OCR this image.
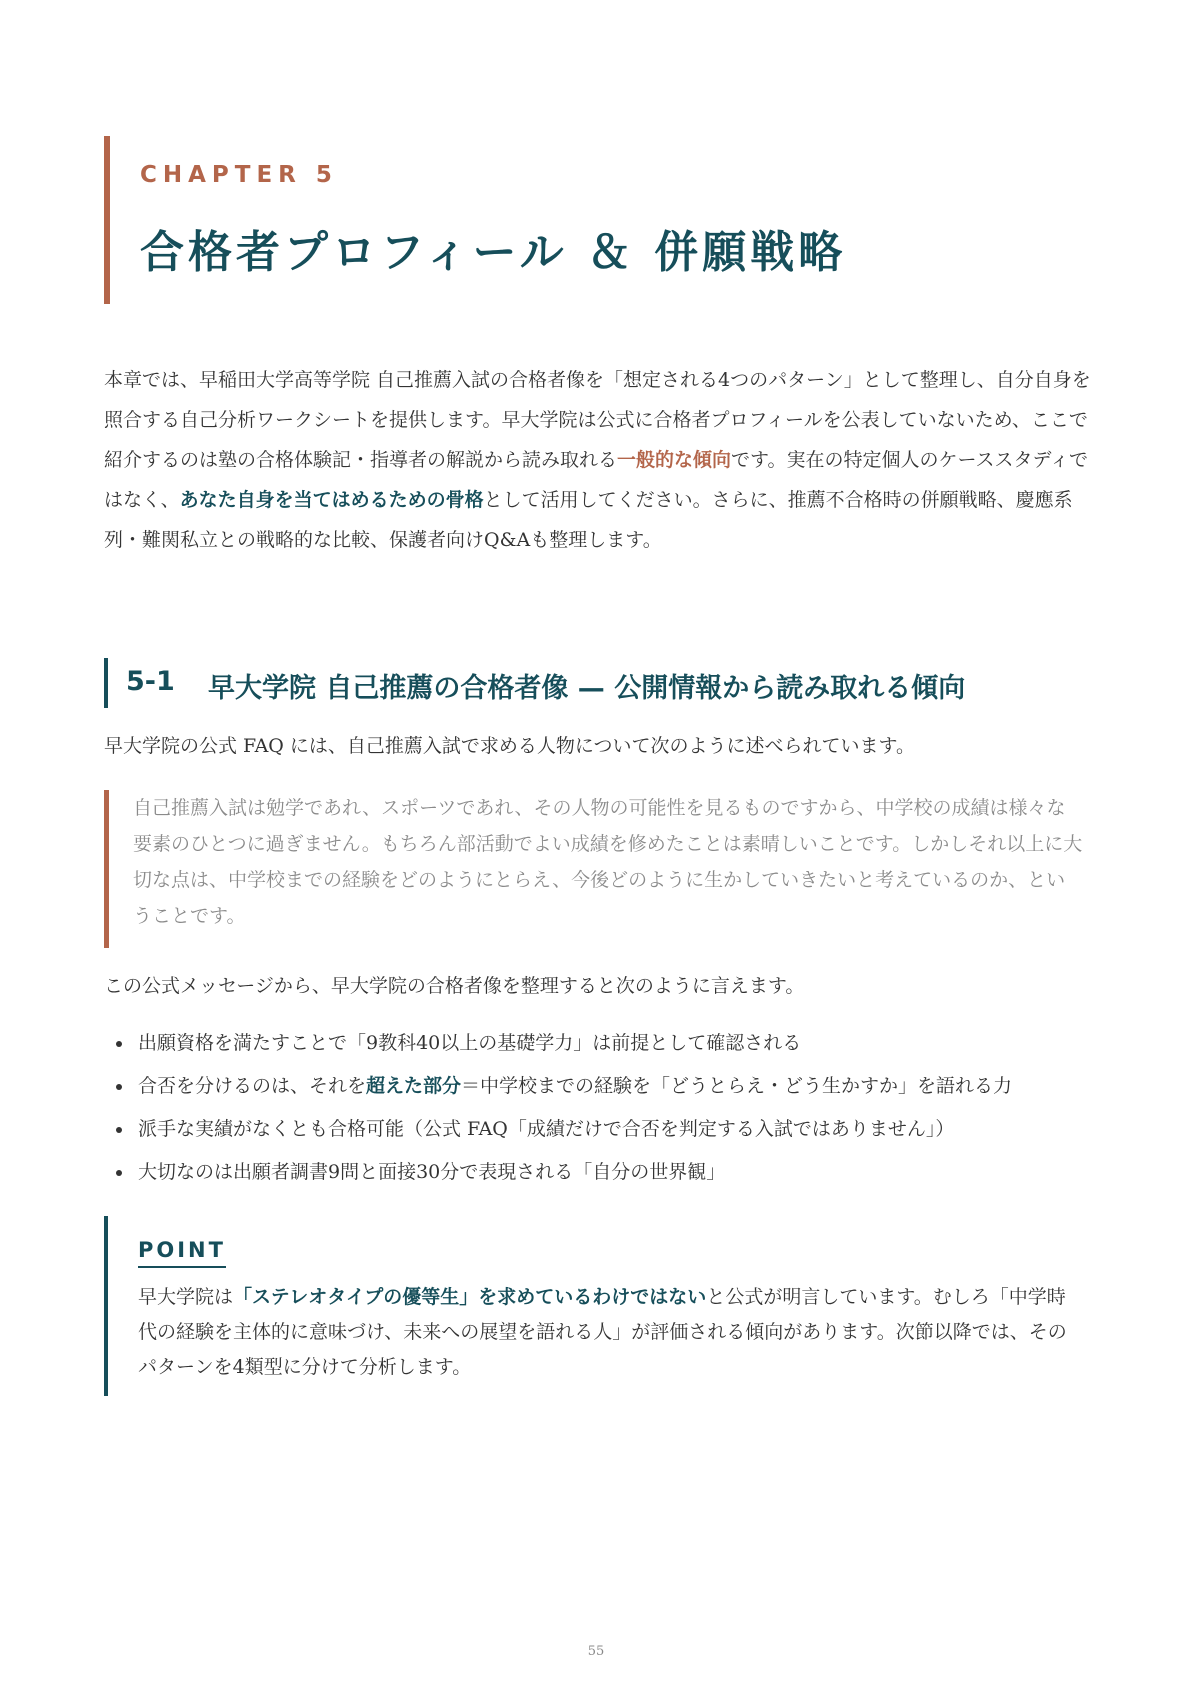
CHAPTER 5
合格者プロフィール ＆ 併願戦略
本章では、早稲田大学高等学院 自己推薦入試の合格者像を「想定される4つのパターン」として整理し、自分自身を照合する自己分析ワークシートを提供します。早大学院は公式に合格者プロフィールを公表していないため、ここで紹介するのは塾の合格体験記・指導者の解説から読み取れる一般的な傾向です。実在の特定個人のケーススタディではなく、あなた自身を当てはめるための骨格として活用してください。さらに、推薦不合格時の併願戦略、慶應系列・難関私立との戦略的な比較、保護者向けQ&Aも整理します。
5-1 早大学院 自己推薦の合格者像 — 公開情報から読み取れる傾向
早大学院の公式 FAQ には、自己推薦入試で求める人物について次のように述べられています。
自己推薦入試は勉学であれ、スポーツであれ、その人物の可能性を見るものですから、中学校の成績は様々な要素のひとつに過ぎません。もちろん部活動でよい成績を修めたことは素晴しいことです。しかしそれ以上に大切な点は、中学校までの経験をどのようにとらえ、今後どのように生かしていきたいと考えているのか、ということです。
この公式メッセージから、早大学院の合格者像を整理すると次のように言えます。
出願資格を満たすことで「9教科40以上の基礎学力」は前提として確認される
合否を分けるのは、それを超えた部分＝中学校までの経験を「どうとらえ・どう生かすか」を語れる力
派手な実績がなくとも合格可能（公式 FAQ「成績だけで合否を判定する入試ではありません」）
大切なのは出願者調書9問と面接30分で表現される「自分の世界観」
POINT
早大学院は「ステレオタイプの優等生」を求めているわけではないと公式が明言しています。むしろ「中学時代の経験を主体的に意味づけ、未来への展望を語れる人」が評価される傾向があります。次節以降では、そのパターンを4類型に分けて分析します。
55
